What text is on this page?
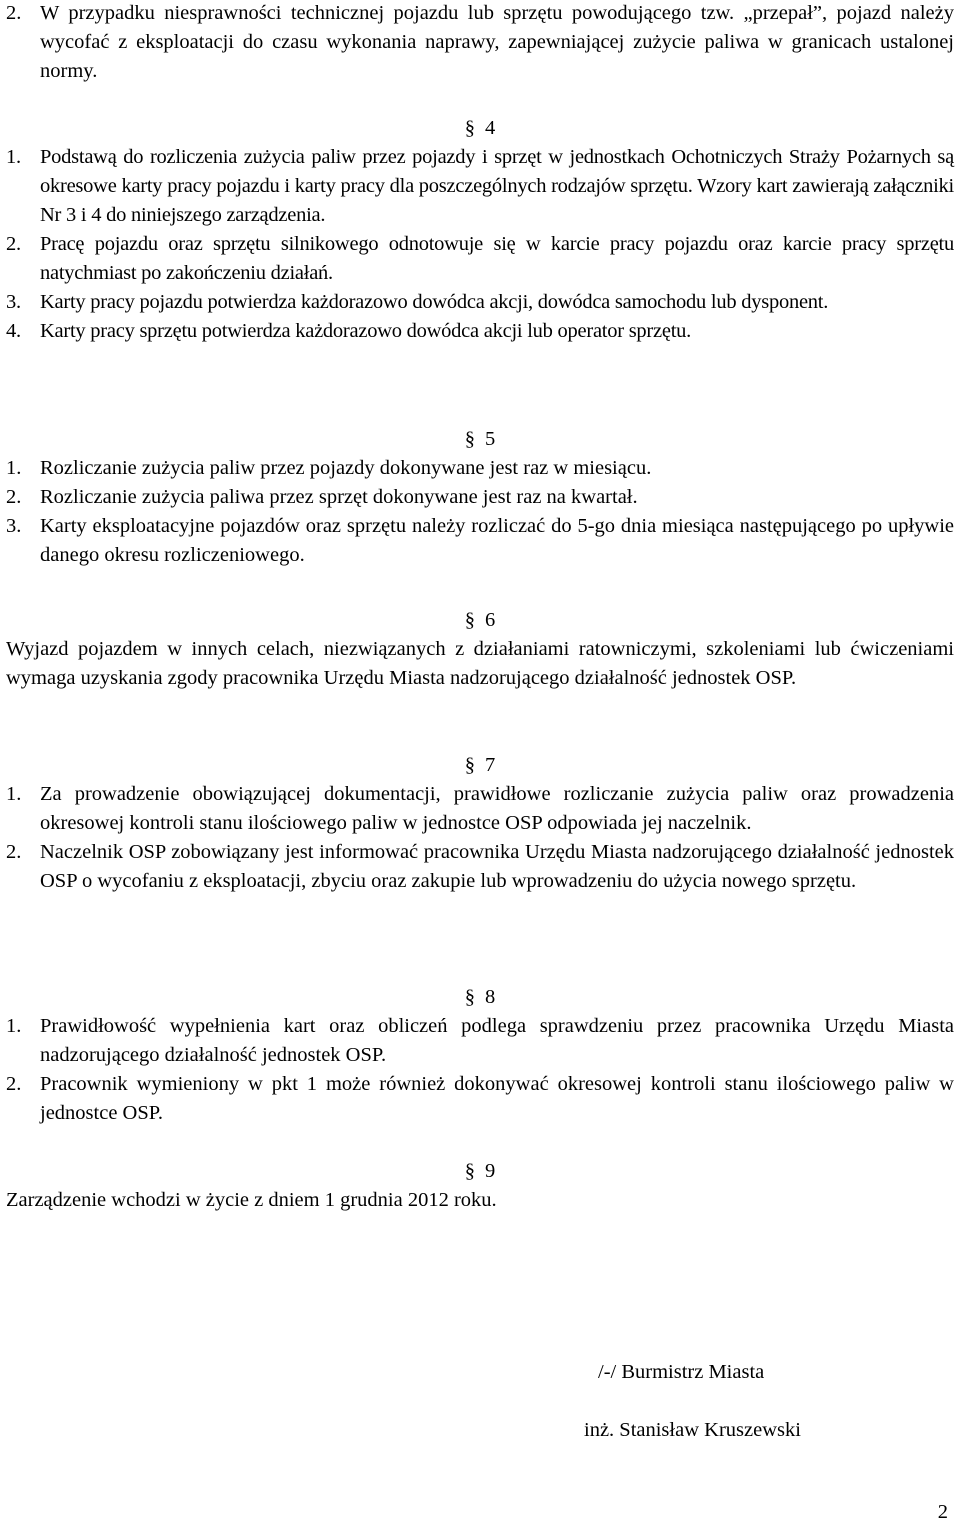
2. W przypadku niesprawności technicznej pojazdu lub sprzętu powodującego tzw. „przepał”, pojazd należy wycofać z eksploatacji do czasu wykonania naprawy, zapewniającej zużycie paliwa w granicach ustalonej normy.
§ 4
1. Podstawą do rozliczenia zużycia paliw przez pojazdy i sprzęt w jednostkach Ochotniczych Straży Pożarnych są okresowe karty pracy pojazdu i karty pracy dla poszczególnych rodzajów sprzętu. Wzory kart zawierają załączniki Nr 3 i 4 do niniejszego zarządzenia.
2. Pracę pojazdu oraz sprzętu silnikowego odnotowuje się w karcie pracy pojazdu oraz karcie pracy sprzętu natychmiast po zakończeniu działań.
3. Karty pracy pojazdu potwierdza każdorazowo dowódca akcji, dowódca samochodu lub dysponent.
4. Karty pracy sprzętu potwierdza każdorazowo dowódca akcji lub operator sprzętu.
§ 5
1. Rozliczanie zużycia paliw przez pojazdy dokonywane jest raz w miesiącu.
2. Rozliczanie zużycia paliwa przez sprzęt dokonywane jest raz na kwartał.
3. Karty eksploatacyjne pojazdów oraz sprzętu należy rozliczać do 5-go dnia miesiąca następującego po upływie danego okresu rozliczeniowego.
§ 6
Wyjazd pojazdem w innych celach, niezwiązanych z działaniami ratowniczymi, szkoleniami lub ćwiczeniami wymaga uzyskania zgody pracownika Urzędu Miasta nadzorującego działalność jednostek OSP.
§ 7
1. Za prowadzenie obowiązującej dokumentacji, prawidłowe rozliczanie zużycia paliw oraz prowadzenia okresowej kontroli stanu ilościowego paliw w jednostce OSP odpowiada jej naczelnik.
2. Naczelnik OSP zobowiązany jest informować pracownika Urzędu Miasta nadzorującego działalność jednostek OSP o wycofaniu z eksploatacji, zbyciu oraz zakupie lub wprowadzeniu do użycia nowego sprzętu.
§ 8
1. Prawidłowość wypełnienia kart oraz obliczeń podlega sprawdzeniu przez pracownika Urzędu Miasta nadzorującego działalność jednostek OSP.
2. Pracownik wymieniony w pkt 1 może również dokonywać okresowej kontroli stanu ilościowego paliw w jednostce OSP.
§ 9
Zarządzenie wchodzi w życie z dniem 1 grudnia 2012 roku.
/-/ Burmistrz Miasta
inż. Stanisław Kruszewski
2
